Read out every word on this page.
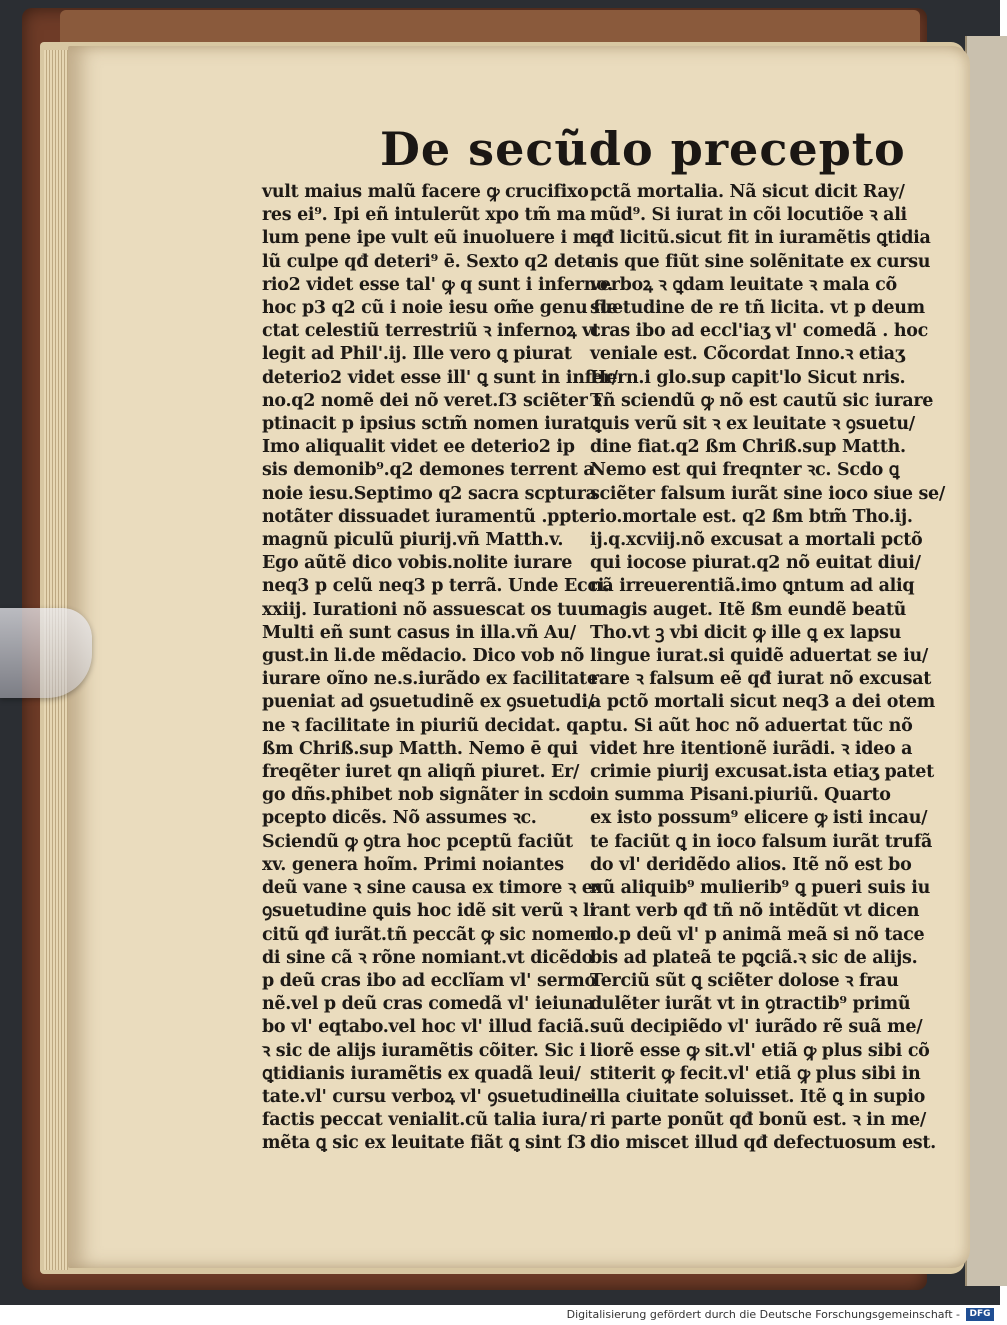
De secũdo precepto
vult maius malũ facere ꝙ crucifixo
res ei⁹. Ipi eñ intulerũt xpo tm̃ ma
lum pene ipe vult eũ inuoluere i ma
lũ culpe qđ deteri⁹ ē. Sexto q2 dete
rio2 videt esse tal' ꝙ q sunt i inferno.
hoc p3 q2 cũ i noie iesu om̃e genu fle
ctat celestiũ terrestriũ ꝛ infernoꝝ vt
legit ad Phil'.ij. Ille vero ꝗ piurat
deterio2 videt esse ill' ꝗ sunt in infer/
no.q2 nomẽ dei nõ veret.ſ3 sciẽter ꝛ
ptinacit p ipsius sctm̃ nomen iurat.
Imo aliqualit videt ee deterio2 ip
sis demonib⁹.q2 demones terrent a
noie iesu.Septimo q2 sacra scptura
notãter dissuadet iuramentũ .ppter
magnũ piculũ piurij.vñ Matth.v.
Ego aũtẽ dico vobis.nolite iurare
neq3 p celũ neq3 p terrã. Unde Ecci.
xxiij. Iurationi nõ assuescat os tuum
Multi eñ sunt casus in illa.vñ Au/
gust.in li.de mẽdacio. Dico vob nõ
iurare oĩno ne.s.iurãdo ex facilitate
pueniat ad ꝯsuetudinẽ ex ꝯsuetudi/
ne ꝛ facilitate in piuriũ decidat. qa
ßm Chriß.sup Matth. Nemo ē qui
freqẽter iuret qn aliqñ piuret. Er/
go dñs.phibet nob signãter in scdo
pcepto dicẽs. Nõ assumes ꝛc.
Sciendũ ꝙ ꝯtra hoc pceptũ faciũt
xv. genera hoĩm. Primi noiantes
deũ vane ꝛ sine causa ex timore ꝛ ex
ꝯsuetudine ꝗuis hoc idẽ sit verũ ꝛ li
citũ qđ iurãt.tñ peccãt ꝙ sic nomen
di sine cã ꝛ rõne nomiant.vt dicẽdo
p deũ cras ibo ad ecclĩam vl' sermo
nẽ.vel p deũ cras comedã vl' ieiuna
bo vl' eqtabo.vel hoc vl' illud faciã.
ꝛ sic de alijs iuramẽtis cõiter. Sic i
ꝗtidianis iuramẽtis ex quadã leui/
tate.vl' cursu verboꝝ vl' ꝯsuetudine
factis peccat venialit.cũ talia iura/
mẽta ꝗ sic ex leuitate fiãt ꝗ sint ſ3
pctã mortalia. Nã sicut dicit Ray/
mũd⁹. Si iurat in cõi locutiõe ꝛ ali
qđ licitũ.sicut fit in iuramẽtis ꝗtidia
nis que fiũt sine solẽnitate ex cursu
verboꝝ ꝛ ꝗdam leuitate ꝛ mala cõ
suetudine de re tñ licita. vt p deum
cras ibo ad eccl'iaʒ vl' comedã . hoc
veniale est. Cõcordat Inno.ꝛ etiaʒ
Hern.i glo.sup capit'lo Sicut nris.
Tñ sciendũ ꝙ nõ est cautũ sic iurare
ꝗuis verũ sit ꝛ ex leuitate ꝛ ꝯsuetu/
dine fiat.q2 ßm Chriß.sup Matth.
Nemo est qui freqnter ꝛc. Scdo ꝗ
sciẽter falsum iurãt sine ioco siue se/
rio.mortale est. q2 ßm btm̃ Tho.ij.
ij.q.xcviij.nõ excusat a mortali pctõ
qui iocose piurat.q2 nõ euitat diui/
nã irreuerentiã.imo ꝗntum ad aliq
magis auget. Itẽ ßm eundẽ beatũ
Tho.vt ꝫ vbi dicit ꝙ ille ꝗ ex lapsu
lingue iurat.si quidẽ aduertat se iu/
rare ꝛ falsum eẽ qđ iurat nõ excusat
a pctõ mortali sicut neq3 a dei otem
ptu. Si aũt hoc nõ aduertat tũc nõ
videt hre itentionẽ iurãdi. ꝛ ideo a
crimie piurij excusat.ista etiaʒ patet
in summa Pisani.piuriũ. Quarto
ex isto possum⁹ elicere ꝙ isti incau/
te faciũt ꝗ in ioco falsum iurãt trufã
do vl' deridẽdo alios. Itẽ nõ est bo
nũ aliquib⁹ mulierib⁹ ꝗ pueri suis iu
rant verb qđ tñ nõ intẽdũt vt dicen
do.p deũ vl' p animã meã si nõ tace
bis ad plateã te pꝗciã.ꝛ sic de alijs.
Terciũ sũt ꝗ sciẽter dolose ꝛ frau
dulẽter iurãt vt in ꝯtractib⁹ primũ
suũ decipiẽdo vl' iurãdo rẽ suã me/
liorẽ esse ꝙ sit.vl' etiã ꝙ plus sibi cõ
stiterit ꝙ fecit.vl' etiã ꝙ plus sibi in
illa ciuitate soluisset. Itẽ ꝗ in supio
ri parte ponũt qđ bonũ est. ꝛ in me/
dio miscet illud qđ defectuosum est.
Digitalisierung gefördert durch die Deutsche Forschungsgemeinschaft -	DFG
